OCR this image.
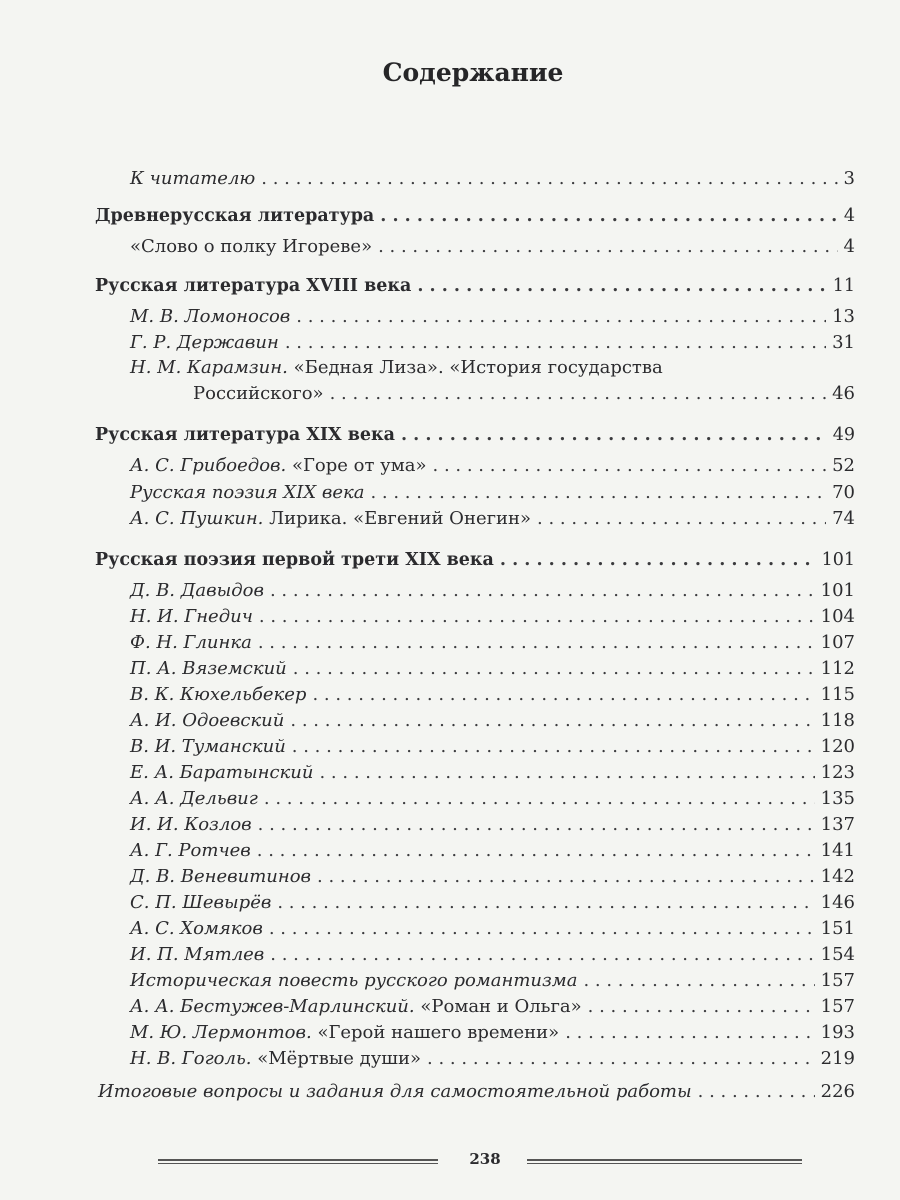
Содержание
К читателю . . .	3
Древнерусская литература . . .	4
«Слово о полку Игореве» . . .	4
Русская литература XVIII века . . .	11
М. В. Ломоносов . . .	13
Г. Р. Державин . . .	31
Н. М. Карамзин. «Бедная Лиза». «История государства
Российского» . . .	46
Русская литература XIX века . . .	49
А. С. Грибоедов. «Горе от ума» . . .	52
Русская поэзия XIX века . . .	70
А. С. Пушкин. Лирика. «Евгений Онегин» . . .	74
Русская поэзия первой трети XIX века . . .	101
Д. В. Давыдов . . .	101
Н. И. Гнедич . . .	104
Ф. Н. Глинка . . .	107
П. А. Вяземский . . .	112
В. К. Кюхельбекер . . .	115
А. И. Одоевский . . .	118
В. И. Туманский . . .	120
Е. А. Баратынский . . .	123
А. А. Дельвиг . . .	135
И. И. Козлов . . .	137
А. Г. Ротчев . . .	141
Д. В. Веневитинов . . .	142
С. П. Шевырёв . . .	146
А. С. Хомяков . . .	151
И. П. Мятлев . . .	154
Историческая повесть русского романтизма . . .	157
А. А. Бестужев-Марлинский. «Роман и Ольга» . . .	157
М. Ю. Лермонтов. «Герой нашего времени» . . .	193
Н. В. Гоголь. «Мёртвые души» . . .	219
Итоговые вопросы и задания для самостоятельной работы . . .	226
238
